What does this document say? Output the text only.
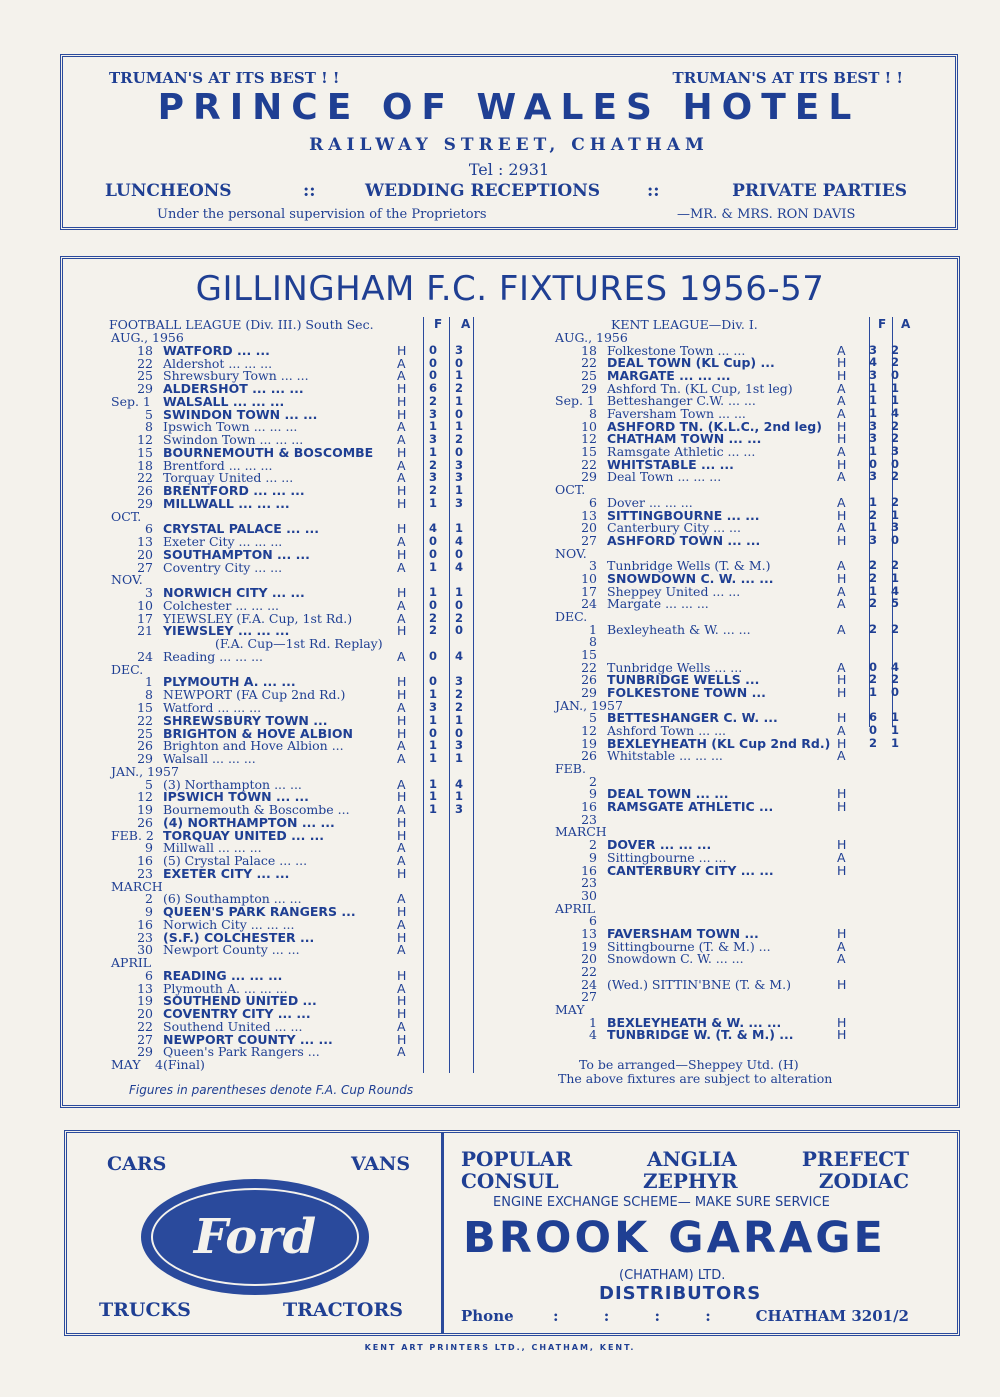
TRUMAN'S AT ITS BEST ! !	TRUMAN'S AT ITS BEST ! !
PRINCE OF WALES HOTEL
RAILWAY STREET, CHATHAM
Tel : 2931
LUNCHEONS	::	WEDDING RECEPTIONS	::	PRIVATE PARTIES
Under the personal supervision of the Proprietors	—MR. & MRS. RON DAVIS
GILLINGHAM F.C. FIXTURES 1956-57
FOOTBALL LEAGUE (Div. III.) South Sec.	F A	KENT LEAGUE—Div. I.	F A
AUG., 1956
18 WATFORD ... ...	H 0 3
22 Aldershot ... ... ...	A 0 0
25 Shrewsbury Town ... ...	A 0 1
29 ALDERSHOT ... ... ...	H 6 2
Sep. 1 WALSALL ... ... ...	H 2 1
5 SWINDON TOWN ... ...	H 3 0
8 Ipswich Town ... ... ...	A 1 1
12 Swindon Town ... ... ...	A 3 2
15 BOURNEMOUTH & BOSCOMBE H 1 0
18 Brentford ... ... ...	A 2 3
22 Torquay United ... ...	A 3 3
26 BRENTFORD ... ... ...	H 2 1
29 MILLWALL ... ... ...	H 1 3
OCT.
6 CRYSTAL PALACE ... ...	H 4 1
13 Exeter City ... ... ...	A 0 4
20 SOUTHAMPTON ... ...	H 0 0
27 Coventry City ... ...	A 1 4
NOV.
3 NORWICH CITY ... ...	H 1 1
10 Colchester ... ... ...	A 0 0
17 YIEWSLEY (F.A. Cup, 1st Rd.)	A 2 2
21 YIEWSLEY ... ... ...	H 2 0
(F.A. Cup—1st Rd. Replay)
24 Reading ... ... ...	A 0 4
DEC.
1 PLYMOUTH A. ... ...	H 0 3
8 NEWPORT (FA Cup 2nd Rd.)	H 1 2
15 Watford ... ... ...	A 3 2
22 SHREWSBURY TOWN ...	H 1 1
25 BRIGHTON & HOVE ALBION	H 0 0
26 Brighton and Hove Albion ...	A 1 3
29 Walsall ... ... ...	A 1 1
JAN., 1957
5 (3) Northampton ... ...	A 1 4
12 IPSWICH TOWN ... ...	H 1 1
19 Bournemouth & Boscombe ...	A 1 3
26 (4) NORTHAMPTON ... ...	H
FEB. 2 TORQUAY UNITED ... ...	H
9 Millwall ... ... ...	A
16 (5) Crystal Palace ... ...	A
23 EXETER CITY ... ...	H
MARCH
2 (6) Southampton ... ...	A
9 QUEEN'S PARK RANGERS ...	H
16 Norwich City ... ... ...	A
23 (S.F.) COLCHESTER ...	H
30 Newport County ... ...	A
APRIL
6 READING ... ... ...	H
13 Plymouth A. ... ... ...	A
19 SOUTHEND UNITED ...	H
20 COVENTRY CITY ... ...	H
22 Southend United ... ...	A
27 NEWPORT COUNTY ... ...	H
29 Queen's Park Rangers ...	A
MAY	4 (Final)
AUG., 1956
18 Folkestone Town ... ...	A 3 2
22 DEAL TOWN (KL Cup) ...	H 4 2
25 MARGATE ... ... ...	H 3 0
29 Ashford Tn. (KL Cup, 1st leg)	A 1 1
Sep. 1 Betteshanger C.W. ... ...	A 1 1
8 Faversham Town ... ...	A 1 4
10 ASHFORD TN. (K.L.C., 2nd leg) H 3 2
12 CHATHAM TOWN ... ...	H 3 2
15 Ramsgate Athletic ... ...	A 1 3
22 WHITSTABLE ... ...	H 0 0
29 Deal Town ... ... ...	A 3 2
OCT.
6 Dover ... ... ...	A 1 2
13 SITTINGBOURNE ... ...	H 2 1
20 Canterbury City ... ...	A 1 3
27 ASHFORD TOWN ... ...	H 3 0
NOV.
3 Tunbridge Wells (T. & M.)	A 2 2
10 SNOWDOWN C. W. ... ...	H 2 1
17 Sheppey United ... ...	A 1 4
24 Margate ... ... ...	A 2 5
DEC.
1 Bexleyheath & W. ... ...	A 2 2
8
15
22 Tunbridge Wells ... ...	A 0 4
26 TUNBRIDGE WELLS ...	H 2 2
29 FOLKESTONE TOWN ...	H 1 0
JAN., 1957
5 BETTESHANGER C. W. ...	H 6 1
12 Ashford Town ... ...	A 0 1
19 BEXLEYHEATH (KL Cup 2nd Rd.) H 2 1
26 Whitstable ... ... ...	A
FEB.
2
9 DEAL TOWN ... ...	H
16 RAMSGATE ATHLETIC ...	H
23
MARCH
2 DOVER ... ... ...	H
9 Sittingbourne ... ...	A
16 CANTERBURY CITY ... ...	H
23
30
APRIL
6
13 FAVERSHAM TOWN ...	H
19 Sittingbourne (T. & M.) ...	A
20 Snowdown C. W. ... ...	A
22
24 (Wed.) SITTIN'BNE (T. & M.)	H
27
MAY
1 BEXLEYHEATH & W. ... ...	H
4 TUNBRIDGE W. (T. & M.) ...	H
Figures in parentheses denote F.A. Cup Rounds
To be arranged—Sheppey Utd. (H)
The above fixtures are subject to alteration
CARS	VANS
Ford
TRUCKS	TRACTORS
POPULAR
CONSUL
ANGLIA
ZEPHYR
PREFECT
ZODIAC
ENGINE EXCHANGE SCHEME— MAKE SURE SERVICE
BROOK GARAGE
(CHATHAM) LTD.
DISTRIBUTORS
Phone	: : : :	CHATHAM 3201/2
KENT ART PRINTERS LTD., CHATHAM, KENT.
